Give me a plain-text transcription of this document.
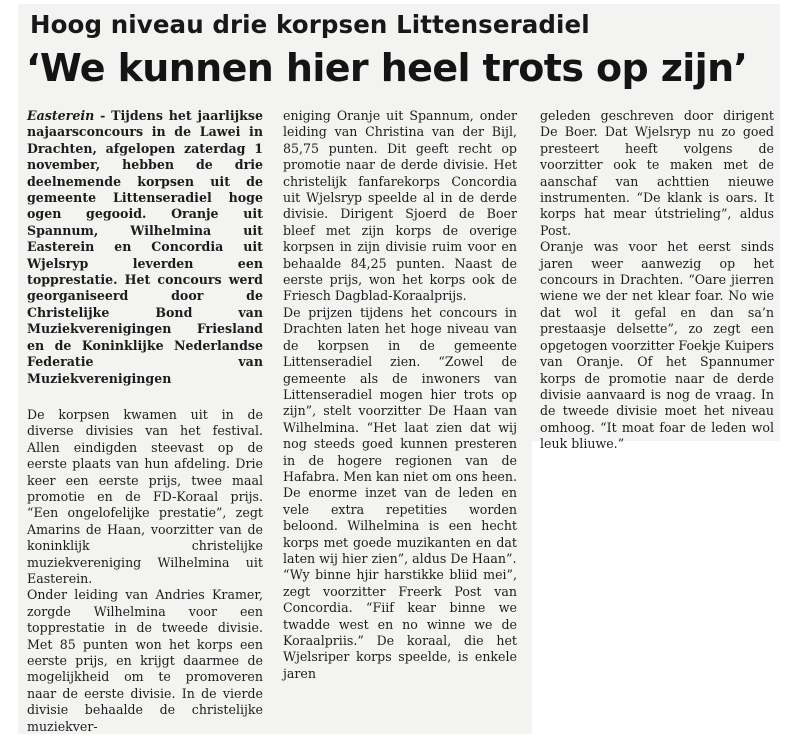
Hoog niveau drie korpsen Littenseradiel
‘We kunnen hier heel trots op zijn’

Easterein - Tijdens het jaarlijkse najaarsconcours in de Lawei in Drachten, afgelopen zaterdag 1 november, hebben de drie deelnemende korpsen uit de gemeente Littenseradiel hoge ogen gegooid. Oranje uit Spannum, Wilhelmina uit Easterein en Concordia uit Wjelsryp leverden een topprestatie. Het concours werd georganiseerd door de Christelijke Bond van Muziekverenigingen Friesland en de Koninklijke Nederlandse Federatie van Muziekverenigingen

De korpsen kwamen uit in de diverse divisies van het festival. Allen eindigden steevast op de eerste plaats van hun afdeling. Drie keer een eerste prijs, twee maal promotie en de FD-Koraal prijs. “Een ongelofelijke prestatie”, zegt Amarins de Haan, voorzitter van de koninklijk christelijke muziekvereniging Wilhelmina uit Easterein.

Onder leiding van Andries Kramer, zorgde Wilhelmina voor een topprestatie in de tweede divisie. Met 85 punten won het korps een eerste prijs, en krijgt daarmee de mogelijkheid om te promoveren naar de eerste divisie. In de vierde divisie behaalde de christelijke muziekver-

eniging Oranje uit Spannum, onder leiding van Christina van der Bijl, 85,75 punten. Dit geeft recht op promotie naar de derde divisie. Het christelijk fanfarekorps Concordia uit Wjelsryp speelde al in de derde divisie. Dirigent Sjoerd de Boer bleef met zijn korps de overige korpsen in zijn divisie ruim voor en behaalde 84,25 punten. Naast de eerste prijs, won het korps ook de Friesch Dagblad-Koraalprijs.

De prijzen tijdens het concours in Drachten laten het hoge niveau van de korpsen in de gemeente Littenseradiel zien. “Zowel de gemeente als de inwoners van Littenseradiel mogen hier trots op zijn”, stelt voorzitter De Haan van Wilhelmina. “Het laat zien dat wij nog steeds goed kunnen presteren in de hogere regionen van de Hafabra. Men kan niet om ons heen. De enorme inzet van de leden en vele extra repetities worden beloond. Wilhelmina is een hecht korps met goede muzikanten en dat laten wij hier zien”, aldus De Haan”.

“Wy binne hjir harstikke bliid mei”, zegt voorzitter Freerk Post van Concordia. “Fiif kear binne we twadde west en no winne we de Koraalpriis.” De koraal, die het Wjelsriper korps speelde, is enkele jaren

geleden geschreven door dirigent De Boer. Dat Wjelsryp nu zo goed presteert heeft volgens de voorzitter ook te maken met de aanschaf van achttien nieuwe instrumenten. “De klank is oars. It korps hat mear útstrieling”, aldus Post.

Oranje was voor het eerst sinds jaren weer aanwezig op het concours in Drachten. “Oare jierren wiene we der net klear foar. No wie dat wol it gefal en dan sa’n prestaasje delsette”, zo zegt een opgetogen voorzitter Foekje Kuipers van Oranje. Of het Spannumer korps de promotie naar de derde divisie aanvaard is nog de vraag. In de tweede divisie moet het niveau omhoog. “It moat foar de leden wol leuk bliuwe.”
